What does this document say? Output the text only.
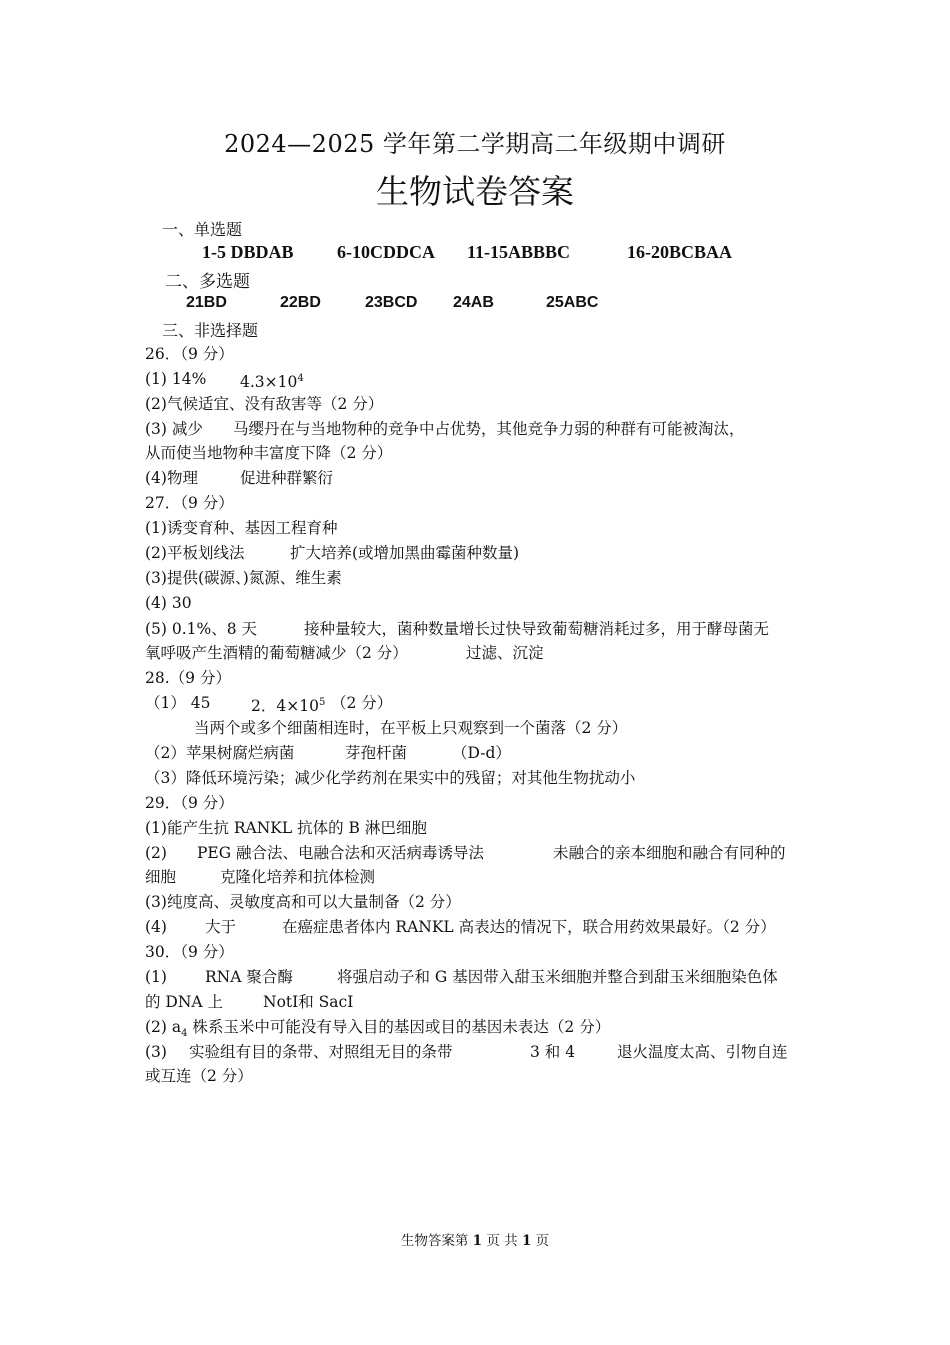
2024—2025 学年第二学期高二年级期中调研
生物试卷答案
一、单选题
1-5 DBDAB 6-10CDDCA 11-15ABBBC	16-20BCBAA
二、多选题
21BD	22BD	23BCD 24AB	25ABC
三、非选择题
26．（9 分）
(1) 14% $4.3\times 10^4$
(2)气候适宜、没有敌害等（2 分）
(3) 减少 马缨丹在与当地物种的竞争中占优势，其他竞争力弱的种群有可能被淘汰，
从而使当地物种丰富度下降（2 分）
(4)物理	促进种群繁衍
27．（9 分）
(1)诱变育种、基因工程育种
(2)平板划线法	扩大培养(或增加黑曲霉菌种数量)
(3)提供(碳源、)氮源、维生素
(4) 30
(5) 0.1%、8 天	接种量较大，菌种数量增长过快导致葡萄糖消耗过多，用于酵母菌无
氧呼吸产生酒精的葡萄糖减少（2 分）	过滤、沉淀
28.（9 分）
（1） 45	2．$4\times 10^5$ （2 分）
当两个或多个细菌相连时，在平板上只观察到一个菌落（2 分）
（2）苹果树腐烂病菌	芽孢杆菌	（D-d）
（3）降低环境污染；减少化学药剂在果实中的残留；对其他生物扰动小
29．（9 分）
(1)能产生抗 RANKL 抗体的 B 淋巴细胞
(2) PEG 融合法、电融合法和灭活病毒诱导法	未融合的亲本细胞和融合有同种的
细胞	克隆化培养和抗体检测
(3)纯度高、灵敏度高和可以大量制备（2 分）
(4) 大于	在癌症患者体内 RANKL 高表达的情况下，联合用药效果最好。（2 分）
30．（9 分）
(1) RNA 聚合酶	将强启动子和 G 基因带入甜玉米细胞并整合到甜玉米细胞染色体
的 DNA 上	NotⅠ和 SacⅠ
(2) $a_4$ 株系玉米中可能没有导入目的基因或目的基因未表达（2 分）
(3) 实验组有目的条带、对照组无目的条带	3 和 4	退火温度太高、引物自连
或互连（2 分）
生物答案第 1 页 共 1 页
